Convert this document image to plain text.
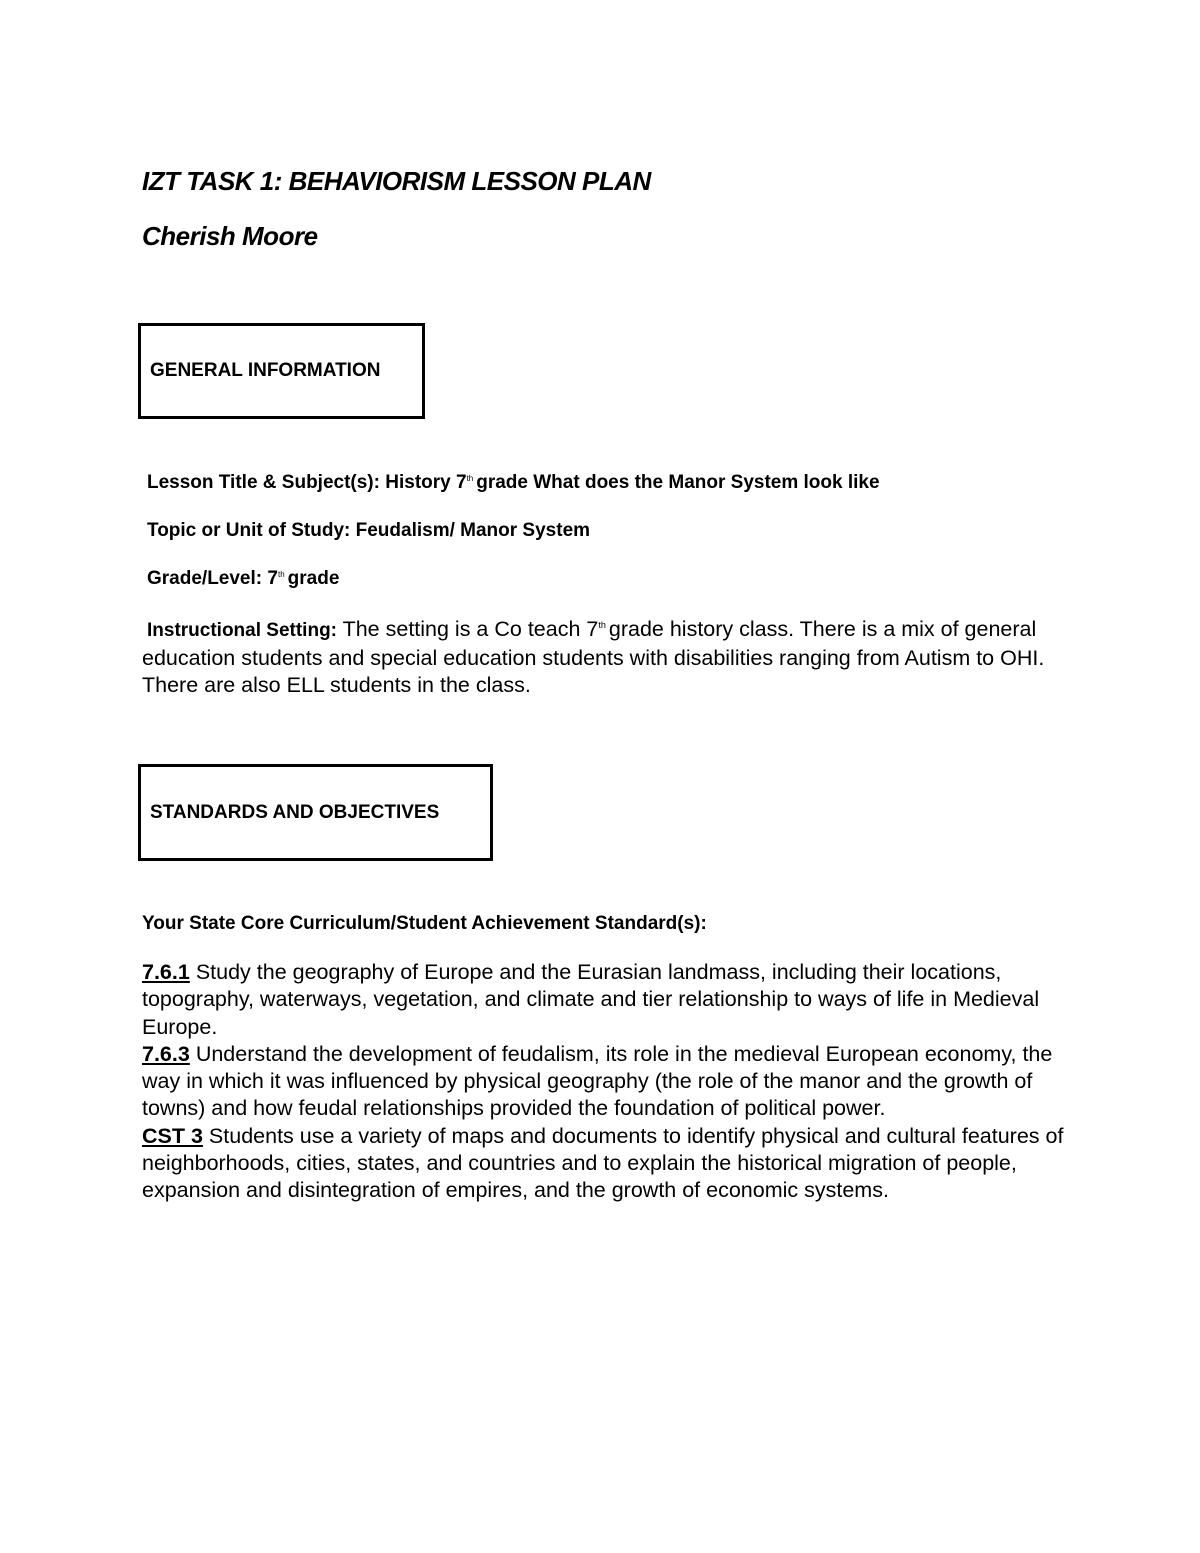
IZT TASK 1: BEHAVIORISM LESSON PLAN
Cherish Moore
GENERAL INFORMATION
Lesson Title & Subject(s): History 7th grade What does the Manor System look like
Topic or Unit of Study: Feudalism/ Manor System
Grade/Level: 7th grade
Instructional Setting: The setting is a Co teach 7th grade history class. There is a mix of general education students and special education students with disabilities ranging from Autism to OHI. There are also ELL students in the class.
STANDARDS AND OBJECTIVES
Your State Core Curriculum/Student Achievement Standard(s):

7.6.1 Study the geography of Europe and the Eurasian landmass, including their locations, topography, waterways, vegetation, and climate and tier relationship to ways of life in Medieval Europe.

7.6.3 Understand the development of feudalism, its role in the medieval European economy, the way in which it was influenced by physical geography (the role of the manor and the growth of towns) and how feudal relationships provided the foundation of political power.

CST 3 Students use a variety of maps and documents to identify physical and cultural features of neighborhoods, cities, states, and countries and to explain the historical migration of people, expansion and disintegration of empires, and the growth of economic systems.
